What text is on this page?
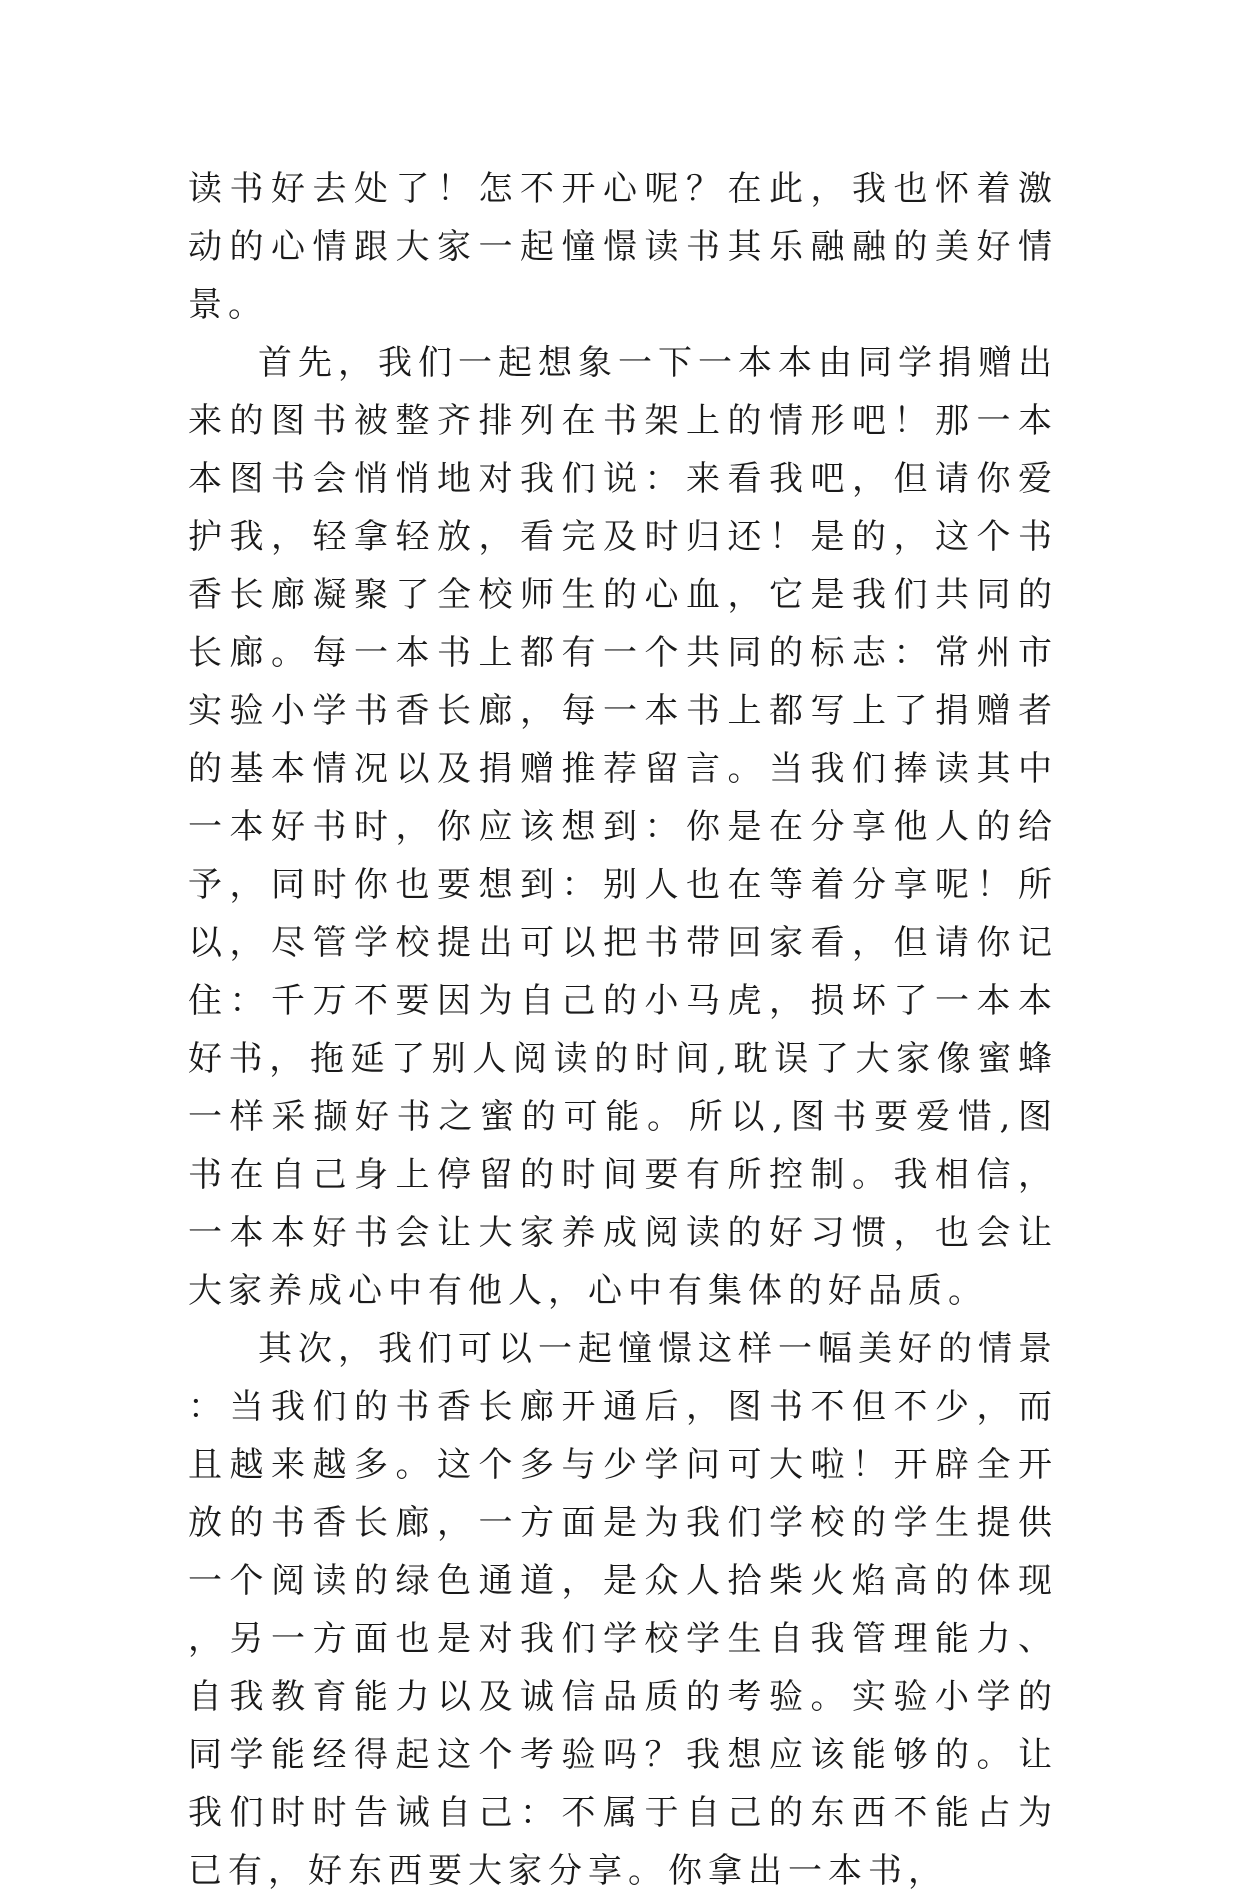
读书好去处了！怎不开心呢？在此，我也怀着激动的心情跟大家一起憧憬读书其乐融融的美好情景。

首先，我们一起想象一下一本本由同学捐赠出来的图书被整齐排列在书架上的情形吧！那一本本图书会悄悄地对我们说：来看我吧，但请你爱护我，轻拿轻放，看完及时归还！是的，这个书香长廊凝聚了全校师生的心血，它是我们共同的长廊。每一本书上都有一个共同的标志：常州市实验小学书香长廊，每一本书上都写上了捐赠者的基本情况以及捐赠推荐留言。当我们捧读其中一本好书时，你应该想到：你是在分享他人的给予，同时你也要想到：别人也在等着分享呢！所以，尽管学校提出可以把书带回家看，但请你记住：千万不要因为自己的小马虎，损坏了一本本好书，拖延了别人阅读的时间,耽误了大家像蜜蜂一样采撷好书之蜜的可能。所以,图书要爱惜,图书在自己身上停留的时间要有所控制。我相信，一本本好书会让大家养成阅读的好习惯，也会让大家养成心中有他人，心中有集体的好品质。

其次，我们可以一起憧憬这样一幅美好的情景：当我们的书香长廊开通后，图书不但不少，而且越来越多。这个多与少学问可大啦！开辟全开放的书香长廊，一方面是为我们学校的学生提供一个阅读的绿色通道，是众人拾柴火焰高的体现，另一方面也是对我们学校学生自我管理能力、自我教育能力以及诚信品质的考验。实验小学的同学能经得起这个考验吗？我想应该能够的。让我们时时告诫自己：不属于自己的东西不能占为已有，好东西要大家分享。你拿出一本书，
